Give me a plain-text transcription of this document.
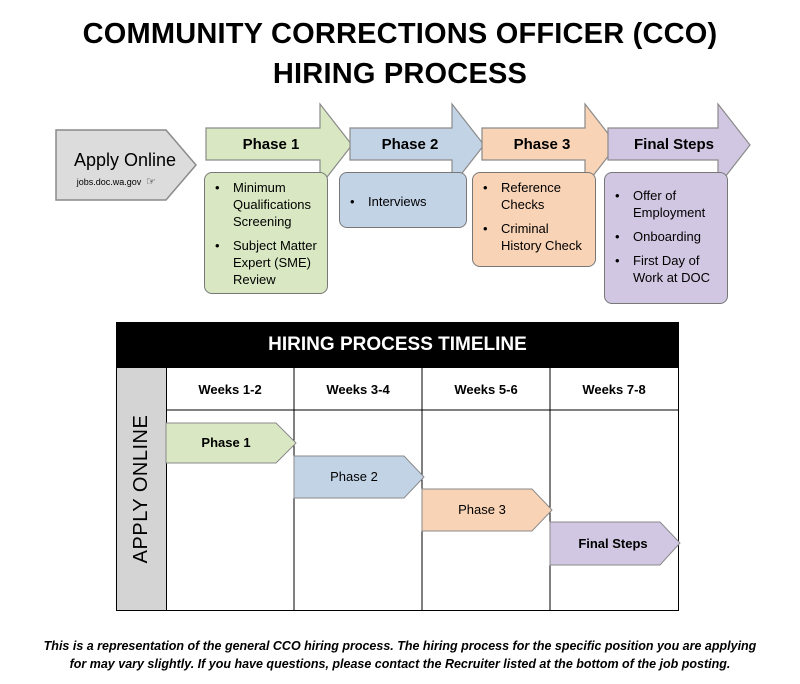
COMMUNITY CORRECTIONS OFFICER (CCO)
HIRING PROCESS
Apply Online
jobs.doc.wa.gov ☞
Phase 1	Phase 2	Phase 3	Final Steps
• Minimum Qualifications Screening
• Subject Matter Expert (SME) Review
• Interviews
• Reference Checks
• Criminal History Check
• Offer of Employment
• Onboarding
• First Day of Work at DOC
HIRING PROCESS TIMELINE
APPLY ONLINE
Weeks 1-2	Weeks 3-4	Weeks 5-6	Weeks 7-8
Phase 1
Phase 2
Phase 3
Final Steps
This is a representation of the general CCO hiring process. The hiring process for the specific position you are applying
for may vary slightly. If you have questions, please contact the Recruiter listed at the bottom of the job posting.
